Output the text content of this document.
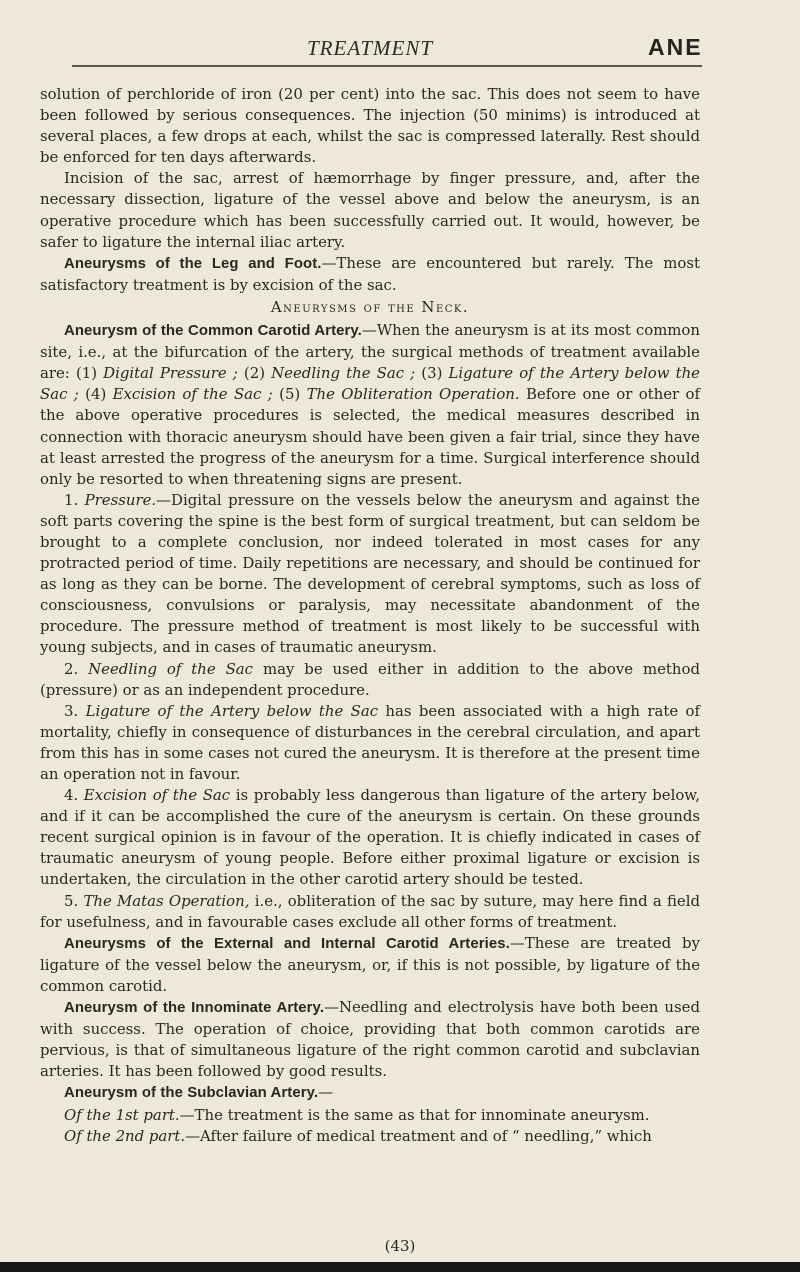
TREATMENT	ANE

solution of perchloride of iron (20 per cent) into the sac. This does not seem to have been followed by serious consequences. The injection (50 minims) is introduced at several places, a few drops at each, whilst the sac is compressed laterally. Rest should be enforced for ten days afterwards.

Incision of the sac, arrest of hæmorrhage by finger pressure, and, after the necessary dissection, ligature of the vessel above and below the aneurysm, is an operative procedure which has been successfully carried out. It would, however, be safer to ligature the internal iliac artery.

Aneurysms of the Leg and Foot.—These are encountered but rarely. The most satisfactory treatment is by excision of the sac.

Aneurysms of the Neck.

Aneurysm of the Common Carotid Artery.—When the aneurysm is at its most common site, i.e., at the bifurcation of the artery, the surgical methods of treatment available are: (1) Digital Pressure ; (2) Needling the Sac ; (3) Ligature of the Artery below the Sac ; (4) Excision of the Sac ; (5) The Obliteration Operation. Before one or other of the above operative procedures is selected, the medical measures described in connection with thoracic aneurysm should have been given a fair trial, since they have at least arrested the progress of the aneurysm for a time. Surgical interference should only be resorted to when threatening signs are present.

1. Pressure.—Digital pressure on the vessels below the aneurysm and against the soft parts covering the spine is the best form of surgical treatment, but can seldom be brought to a complete conclusion, nor indeed tolerated in most cases for any protracted period of time. Daily repetitions are necessary, and should be continued for as long as they can be borne. The development of cerebral symptoms, such as loss of consciousness, convulsions or paralysis, may necessitate abandonment of the procedure. The pressure method of treatment is most likely to be successful with young subjects, and in cases of traumatic aneurysm.

2. Needling of the Sac may be used either in addition to the above method (pressure) or as an independent procedure.

3. Ligature of the Artery below the Sac has been associated with a high rate of mortality, chiefly in consequence of disturbances in the cerebral circulation, and apart from this has in some cases not cured the aneurysm. It is therefore at the present time an operation not in favour.

4. Excision of the Sac is probably less dangerous than ligature of the artery below, and if it can be accomplished the cure of the aneurysm is certain. On these grounds recent surgical opinion is in favour of the operation. It is chiefly indicated in cases of traumatic aneurysm of young people. Before either proximal ligature or excision is undertaken, the circulation in the other carotid artery should be tested.

5. The Matas Operation, i.e., obliteration of the sac by suture, may here find a field for usefulness, and in favourable cases exclude all other forms of treatment.

Aneurysms of the External and Internal Carotid Arteries.—These are treated by ligature of the vessel below the aneurysm, or, if this is not possible, by ligature of the common carotid.

Aneurysm of the Innominate Artery.—Needling and electrolysis have both been used with success. The operation of choice, providing that both common carotids are pervious, is that of simultaneous ligature of the right common carotid and subclavian arteries. It has been followed by good results.

Aneurysm of the Subclavian Artery.—

Of the 1st part.—The treatment is the same as that for innominate aneurysm.

Of the 2nd part.—After failure of medical treatment and of “ needling,” which

(43)
